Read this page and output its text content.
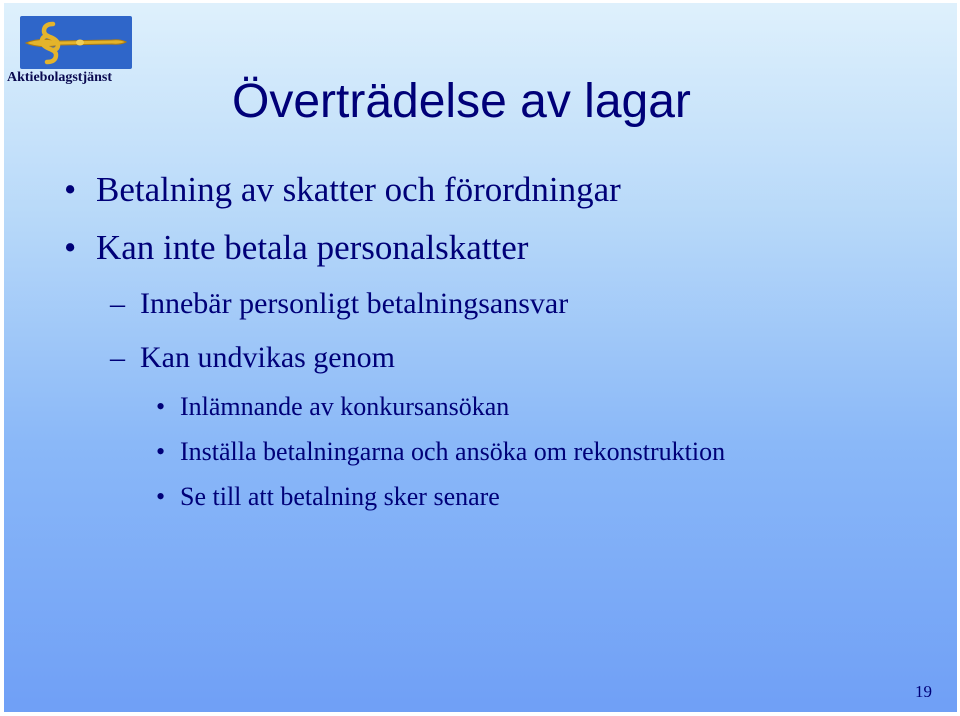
Aktiebolagstjänst Överträdelse av lagar
• Betalning av skatter och förordningar
• Kan inte betala personalskatter
– Innebär personligt betalningsansvar
– Kan undvikas genom
• Inlämnande av konkursansökan
• Inställa betalningarna och ansöka om rekonstruktion
• Se till att betalning sker senare
19
